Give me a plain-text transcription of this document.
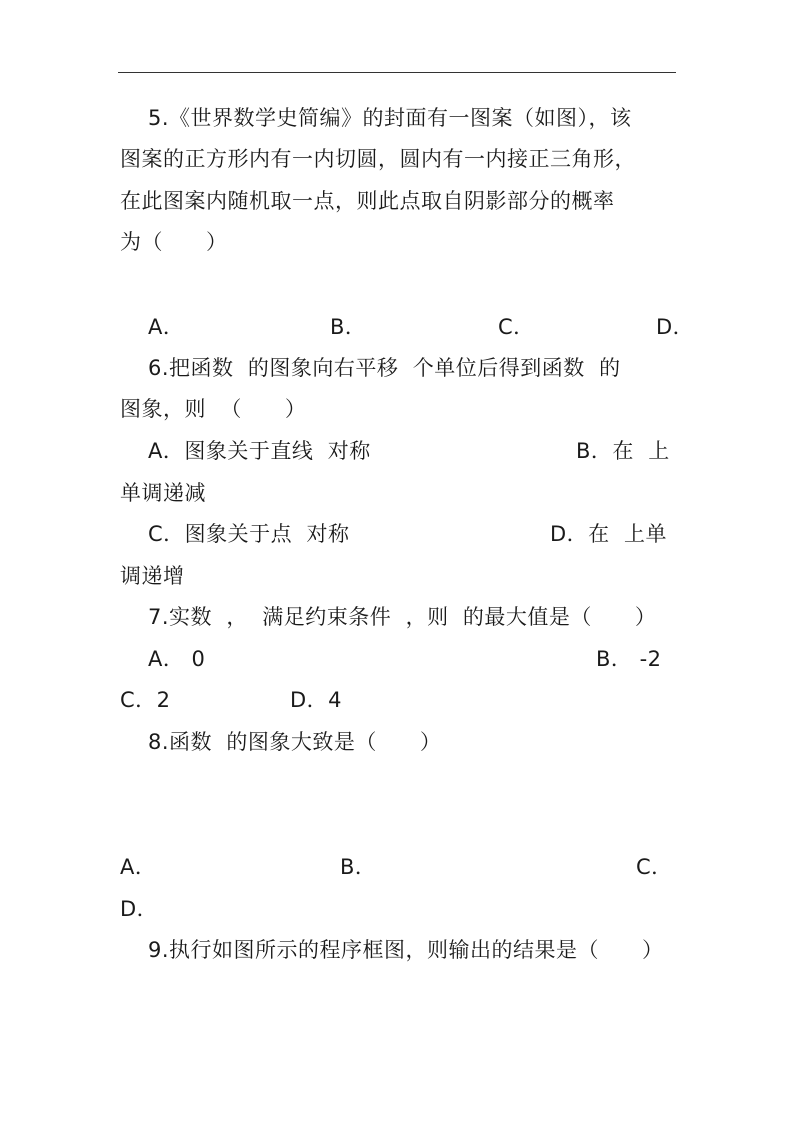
5.《世界数学史简编》的封面有一图案（如图），该
图案的正方形内有一内切圆，圆内有一内接正三角形，
在此图案内随机取一点，则此点取自阴影部分的概率
为（　　）
A．	B．	C．	D．
6.把函数  的图象向右平移  个单位后得到函数  的
图象，则  （　　）
A．图象关于直线  对称	B．在  上
单调递减
C．图象关于点  对称	D．在  上单
调递增
7.实数  ，  满足约束条件  ，则  的最大值是（　　）
A． 0	B． -2
C．2	D．4
8.函数  的图象大致是（　　）
A．	B．	C．
D．
9.执行如图所示的程序框图，则输出的结果是（　　）
